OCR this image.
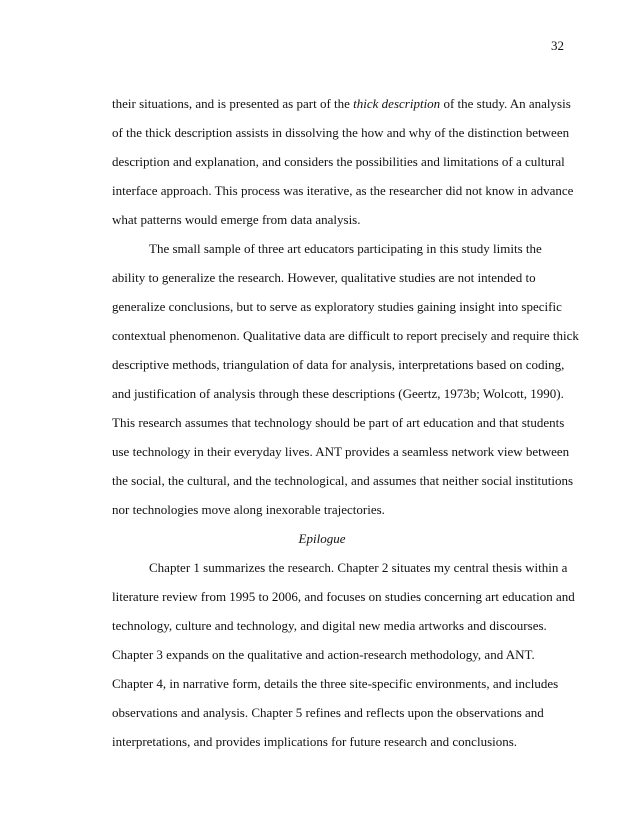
32
their situations, and is presented as part of the thick description of the study. An analysis
of the thick description assists in dissolving the how and why of the distinction between
description and explanation, and considers the possibilities and limitations of a cultural
interface approach. This process was iterative, as the researcher did not know in advance
what patterns would emerge from data analysis.
The small sample of three art educators participating in this study limits the
ability to generalize the research. However, qualitative studies are not intended to
generalize conclusions, but to serve as exploratory studies gaining insight into specific
contextual phenomenon. Qualitative data are difficult to report precisely and require thick
descriptive methods, triangulation of data for analysis, interpretations based on coding,
and justification of analysis through these descriptions (Geertz, 1973b; Wolcott, 1990).
This research assumes that technology should be part of art education and that students
use technology in their everyday lives. ANT provides a seamless network view between
the social, the cultural, and the technological, and assumes that neither social institutions
nor technologies move along inexorable trajectories.
Epilogue
Chapter 1 summarizes the research. Chapter 2 situates my central thesis within a
literature review from 1995 to 2006, and focuses on studies concerning art education and
technology, culture and technology, and digital new media artworks and discourses.
Chapter 3 expands on the qualitative and action-research methodology, and ANT.
Chapter 4, in narrative form, details the three site-specific environments, and includes
observations and analysis. Chapter 5 refines and reflects upon the observations and
interpretations, and provides implications for future research and conclusions.
